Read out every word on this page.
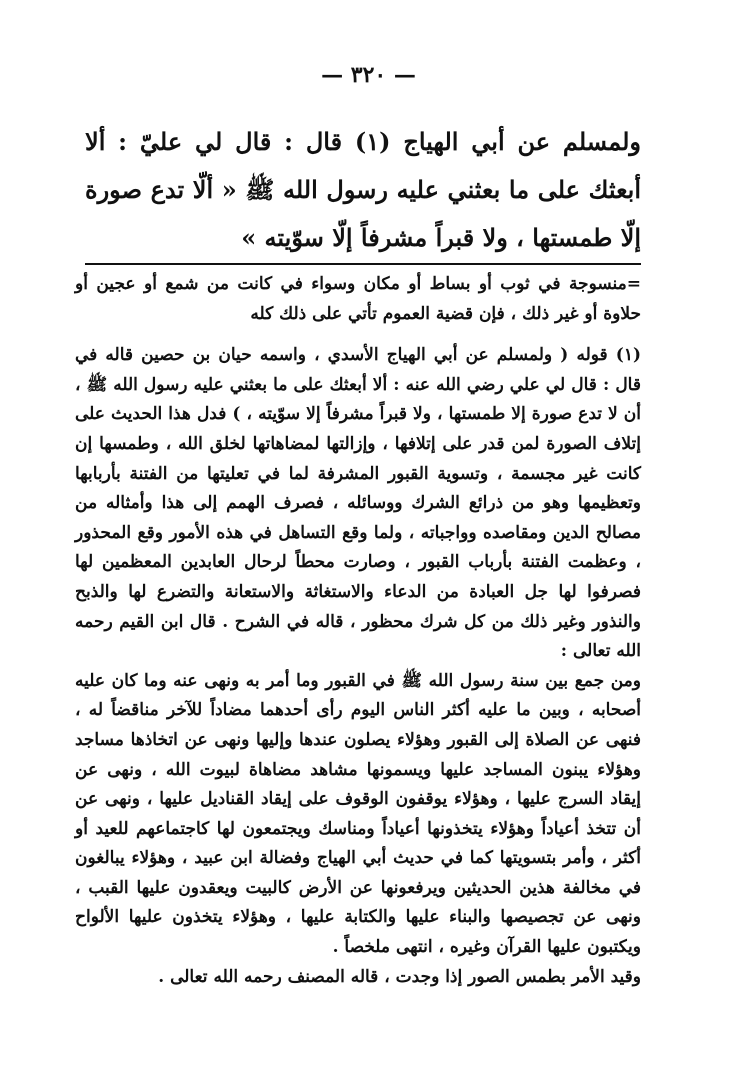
— ٣٢٠ —

ولمسلم عن أبي الهياج (١) قال : قال لي عليّ : ألا أبعثك على ما بعثني عليه رسول الله ﷺ « ألّا تدع صورة إلّا طمستها ، ولا قبراً مشرفاً إلّا سوّيته »

=منسوجة في ثوب أو بساط أو مكان وسواء في كانت من شمع أو عجين أو حلاوة أو غير ذلك ، فإن قضية العموم تأتي على ذلك كله

(١) قوله ( ولمسلم عن أبي الهياج الأسدي ، واسمه حيان بن حصين قاله في قال : قال لي علي رضي الله عنه : ألا أبعثك على ما بعثني عليه رسول الله ﷺ ، أن لا تدع صورة إلا طمستها ، ولا قبراً مشرفاً إلا سوّيته ، ) فدل هذا الحديث على إتلاف الصورة لمن قدر على إتلافها ، وإزالتها لمضاهاتها لخلق الله ، وطمسها إن كانت غير مجسمة ، وتسوية القبور المشرفة لما في تعليتها من الفتنة بأربابها وتعظيمها وهو من ذرائع الشرك ووسائله ، فصرف الهمم إلى هذا وأمثاله من مصالح الدين ومقاصده وواجباته ، ولما وقع التساهل في هذه الأمور وقع المحذور ، وعظمت الفتنة بأرباب القبور ، وصارت محطاً لرحال العابدين المعظمين لها فصرفوا لها جل العبادة من الدعاء والاستغاثة والاستعانة والتضرع لها والذبح والنذور وغير ذلك من كل شرك محظور ، قاله في الشرح . قال ابن القيم رحمه الله تعالى :

ومن جمع بين سنة رسول الله ﷺ في القبور وما أمر به ونهى عنه وما كان عليه أصحابه ، وبين ما عليه أكثر الناس اليوم رأى أحدهما مضاداً للآخر مناقضاً له ، فنهى عن الصلاة إلى القبور وهؤلاء يصلون عندها وإليها ونهى عن اتخاذها مساجد وهؤلاء يبنون المساجد عليها ويسمونها مشاهد مضاهاة لبيوت الله ، ونهى عن إيقاد السرج عليها ، وهؤلاء يوقفون الوقوف على إيقاد القناديل عليها ، ونهى عن أن تتخذ أعياداً وهؤلاء يتخذونها أعياداً ومناسك ويجتمعون لها كاجتماعهم للعيد أو أكثر ، وأمر بتسويتها كما في حديث أبي الهياج وفضالة ابن عبيد ، وهؤلاء يبالغون في مخالفة هذين الحديثين ويرفعونها عن الأرض كالبيت ويعقدون عليها القبب ، ونهى عن تجصيصها والبناء عليها والكتابة عليها ، وهؤلاء يتخذون عليها الألواح ويكتبون عليها القرآن وغيره ، انتهى ملخصاً .

وقيد الأمر بطمس الصور إذا وجدت ، قاله المصنف رحمه الله تعالى .
